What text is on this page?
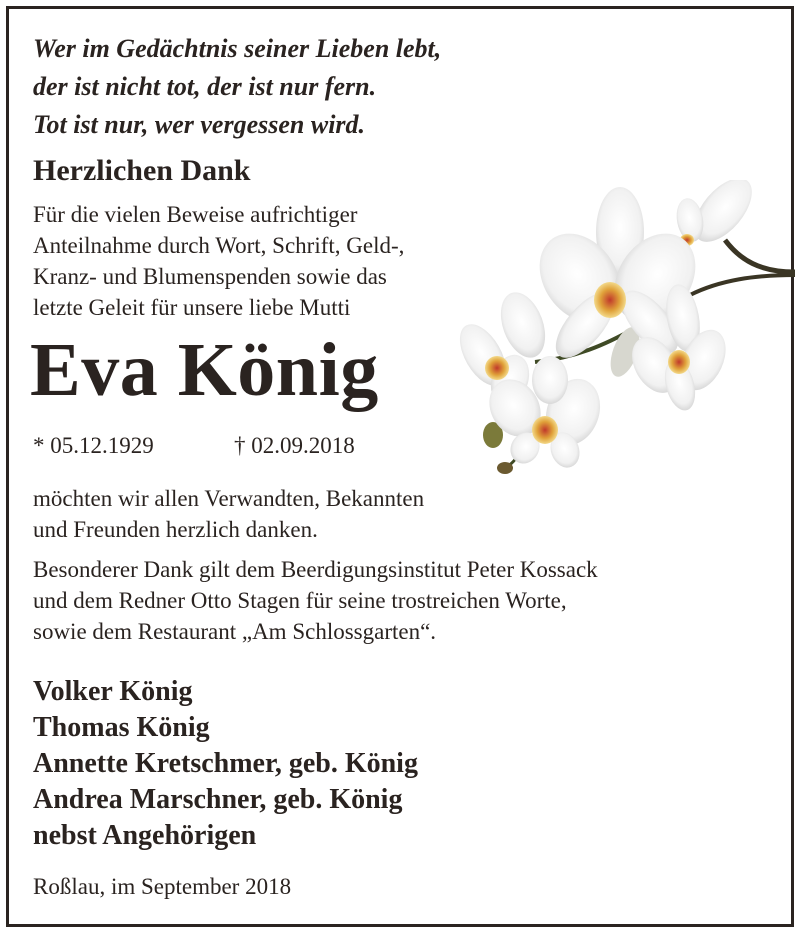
Wer im Gedächtnis seiner Lieben lebt,
der ist nicht tot, der ist nur fern.
Tot ist nur, wer vergessen wird.
Herzlichen Dank
Für die vielen Beweise aufrichtiger
Anteilnahme durch Wort, Schrift, Geld-,
Kranz- und Blumenspenden sowie das
letzte Geleit für unsere liebe Mutti
Eva König
* 05.12.1929	† 02.09.2018
möchten wir allen Verwandten, Bekannten
und Freunden herzlich danken.
Besonderer Dank gilt dem Beerdigungsinstitut Peter Kossack
und dem Redner Otto Stagen für seine trostreichen Worte,
sowie dem Restaurant „Am Schlossgarten“.
Volker König
Thomas König
Annette Kretschmer, geb. König
Andrea Marschner, geb. König
nebst Angehörigen
Roßlau, im September 2018
